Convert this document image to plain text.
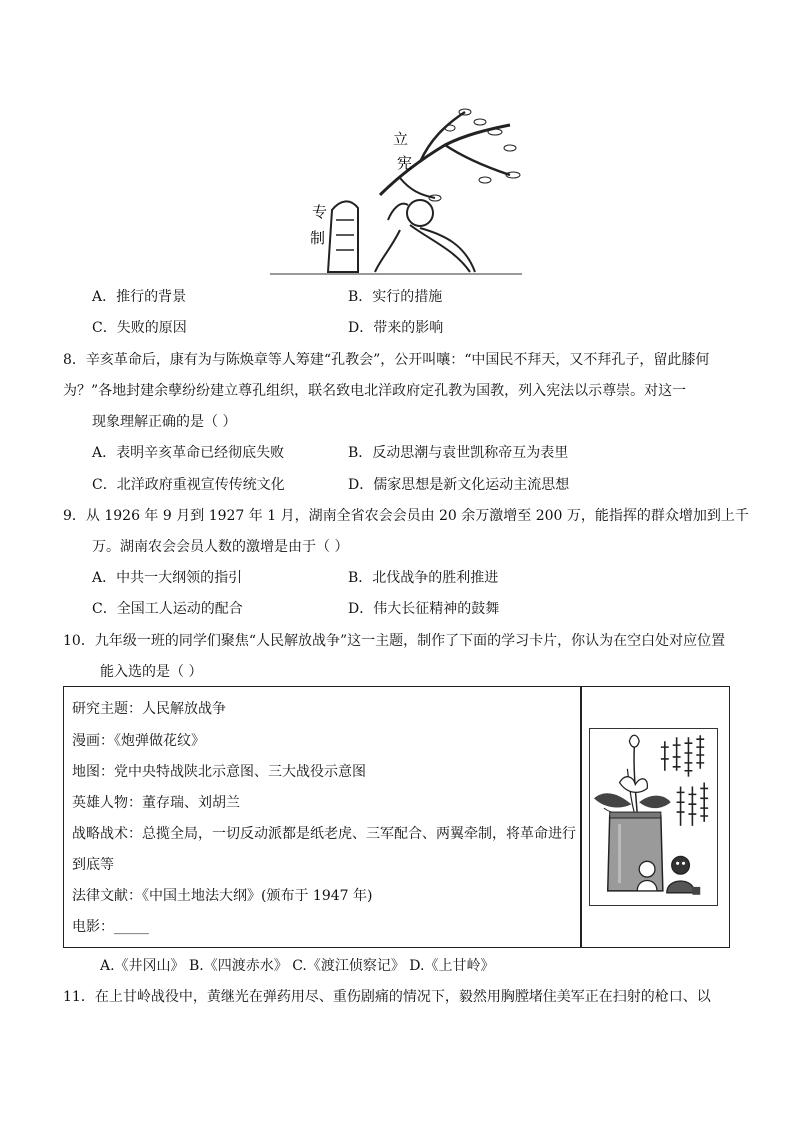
立
宪
专
制
A．推行的背景	B．实行的措施
C．失败的原因	D．带来的影响
8．辛亥革命后，康有为与陈焕章等人筹建“孔教会”，公开叫嚷：“中国民不拜天，又不拜孔子，留此膝何
为？”各地封建余孽纷纷建立尊孔组织，联名致电北洋政府定孔教为国教，列入宪法以示尊崇。对这一
现象理解正确的是（ ）
A．表明辛亥革命已经彻底失败	B．反动思潮与袁世凯称帝互为表里
C．北洋政府重视宣传传统文化	D．儒家思想是新文化运动主流思想
9．从 1926 年 9 月到 1927 年 1 月，湖南全省农会会员由 20 余万激增至 200 万，能指挥的群众增加到上千
万。湖南农会会员人数的激增是由于（ ）
A．中共一大纲领的指引	B．北伐战争的胜利推进
C．全国工人运动的配合	D．伟大长征精神的鼓舞
10．九年级一班的同学们聚焦“人民解放战争”这一主题，制作了下面的学习卡片，你认为在空白处对应位置
能入选的是（ ）
研究主题：人民解放战争
漫画：《炮弹做花纹》
地图：党中央特战陕北示意图、三大战役示意图
英雄人物：董存瑞、刘胡兰
战略战术：总揽全局，一切反动派都是纸老虎、三军配合、两翼牵制，将革命进行
到底等
法律文献：《中国土地法大纲》(颁布于 1947 年)
电影：_____
A.《井冈山》 B.《四渡赤水》 C.《渡江侦察记》 D.《上甘岭》
11．在上甘岭战役中，黄继光在弹药用尽、重伤剧痛的情况下，毅然用胸膛堵住美军正在扫射的枪口、以
